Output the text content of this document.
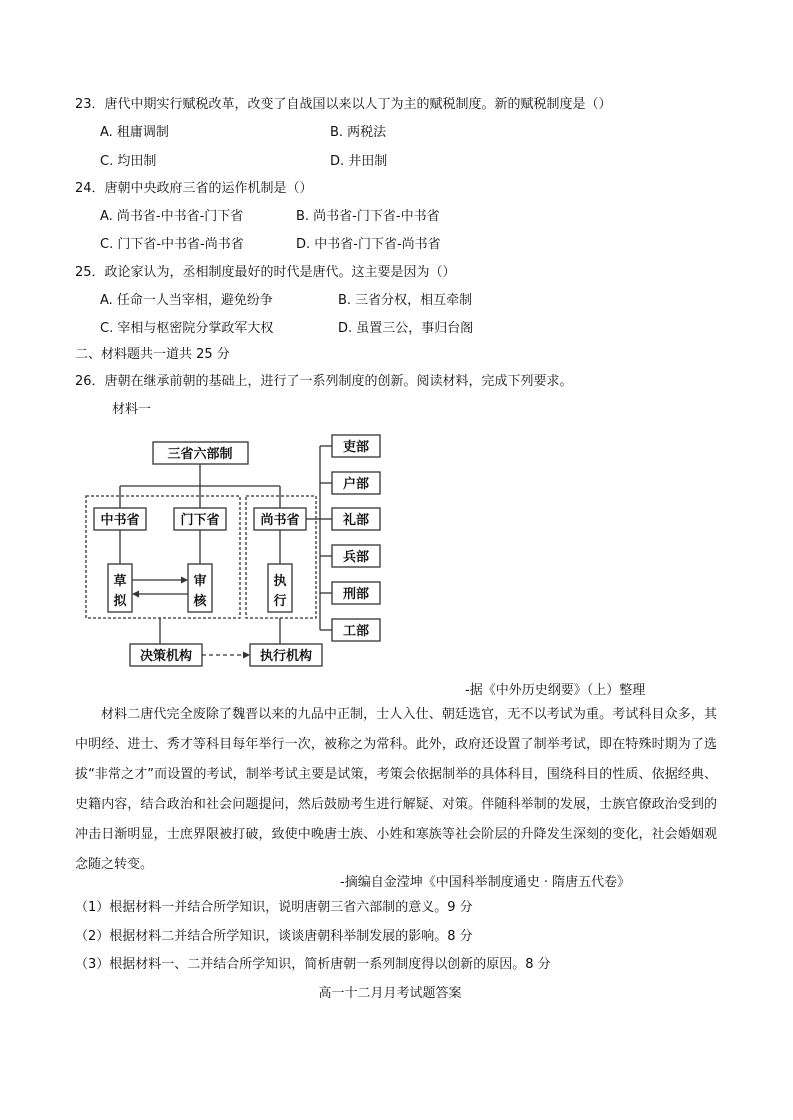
23．唐代中期实行赋税改革，改变了自战国以来以人丁为主的赋税制度。新的赋税制度是（）
A. 租庸调制	B. 两税法
C. 均田制	D. 井田制
24．唐朝中央政府三省的运作机制是（）
A. 尚书省-中书省-门下省	B. 尚书省-门下省-中书省
C. 门下省-中书省-尚书省	D. 中书省-门下省-尚书省
25．政论家认为，丞相制度最好的时代是唐代。这主要是因为（）
A. 任命一人当宰相，避免纷争	B. 三省分权，相互牵制
C. 宰相与枢密院分掌政军大权	D. 虽置三公，事归台阁
二、材料题共一道共 25 分
26．唐朝在继承前朝的基础上，进行了一系列制度的创新。阅读材料，完成下列要求。
材料一
三省六部制
中书省	门下省	尚书省
草
拟
审
核
执
行
决策机构	执行机构
吏部
户部
礼部
兵部
刑部
工部
-据《中外历史纲要》（上）整理
材料二唐代完全废除了魏晋以来的九品中正制，士人入仕、朝廷选官，无不以考试为重。考试科目众多，其中明经、进士、秀才等科目每年举行一次，被称之为常科。此外，政府还设置了制举考试，即在特殊时期为了选拔“非常之才”而设置的考试，制举考试主要是试策，考策会依据制举的具体科目，围绕科目的性质、依据经典、史籍内容，结合政治和社会问题提问，然后鼓励考生进行解疑、对策。伴随科举制的发展，士族官僚政治受到的冲击日渐明显，士庶界限被打破，致使中晚唐士族、小姓和寒族等社会阶层的升降发生深刻的变化，社会婚姻观念随之转变。
-摘编自金滢坤《中国科举制度通史 · 隋唐五代卷》
（1）根据材料一并结合所学知识，说明唐朝三省六部制的意义。9 分
（2）根据材料二并结合所学知识，谈谈唐朝科举制发展的影响。8 分
（3）根据材料一、二并结合所学知识，简析唐朝一系列制度得以创新的原因。8 分
高一十二月月考试题答案
